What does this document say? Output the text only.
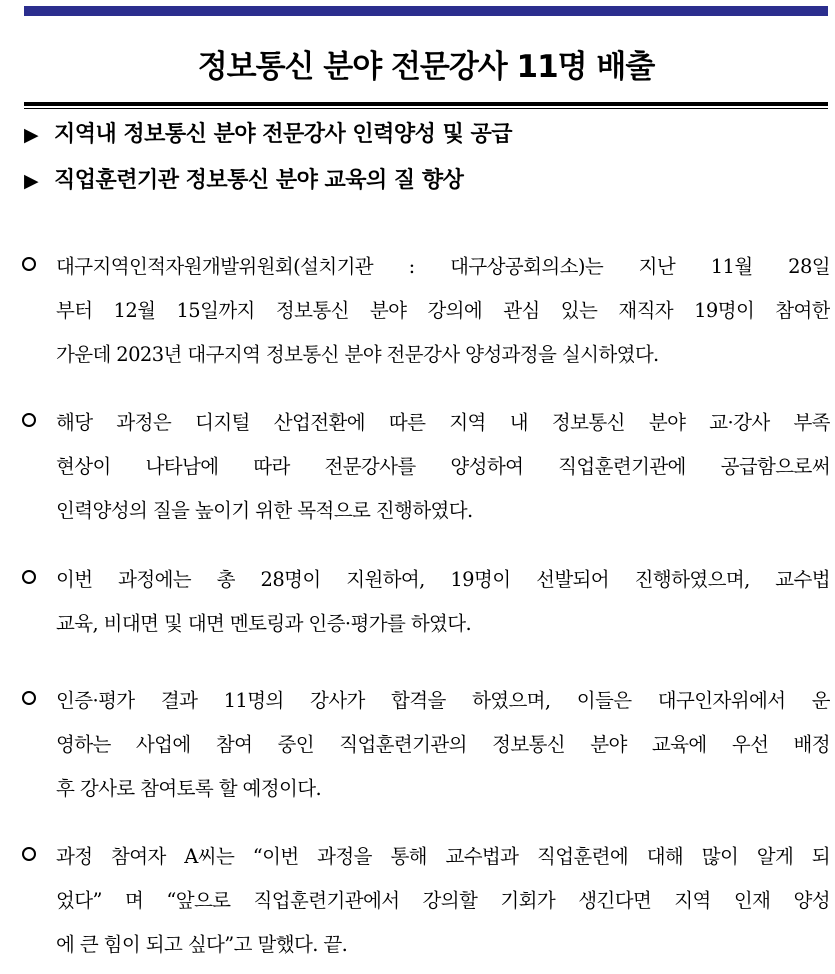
정보통신 분야 전문강사 11명 배출
▶ 지역내 정보통신 분야 전문강사 인력양성 및 공급
▶ 직업훈련기관 정보통신 분야 교육의 질 향상
대구지역인적자원개발위원회(설치기관 : 대구상공회의소)는 지난 11월 28일
부터 12월 15일까지 정보통신 분야 강의에 관심 있는 재직자 19명이 참여한
가운데 2023년 대구지역 정보통신 분야 전문강사 양성과정을 실시하였다.
해당 과정은 디지털 산업전환에 따른 지역 내 정보통신 분야 교·강사 부족
현상이 나타남에 따라 전문강사를 양성하여 직업훈련기관에 공급함으로써
인력양성의 질을 높이기 위한 목적으로 진행하였다.
이번 과정에는 총 28명이 지원하여, 19명이 선발되어 진행하였으며, 교수법
교육, 비대면 및 대면 멘토링과 인증·평가를 하였다.
인증·평가 결과 11명의 강사가 합격을 하였으며, 이들은 대구인자위에서 운
영하는 사업에 참여 중인 직업훈련기관의 정보통신 분야 교육에 우선 배정
후 강사로 참여토록 할 예정이다.
과정 참여자 A씨는 “이번 과정을 통해 교수법과 직업훈련에 대해 많이 알게 되
었다” 며 “앞으로 직업훈련기관에서 강의할 기회가 생긴다면 지역 인재 양성
에 큰 힘이 되고 싶다”고 말했다. 끝.
